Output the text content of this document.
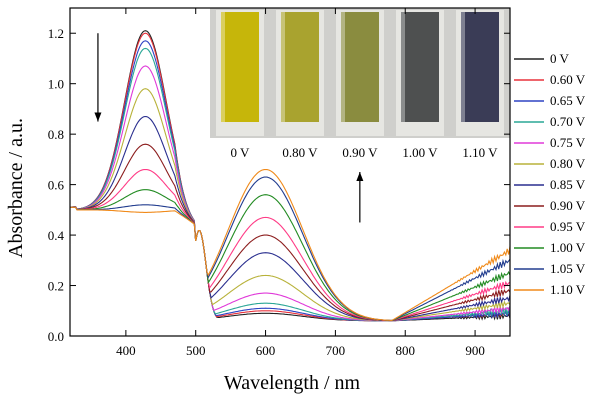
0 V	0.80 V 0.90 V 1.00 V 1.10 V
400	500	600	700	800	900
0.0
0.2
0.4
0.6
0.8
1.0
1.2
0 V
0.60 V
0.65 V
0.70 V
0.75 V
0.80 V
0.85 V
0.90 V
0.95 V
1.00 V
1.05 V
1.10 V
Wavelength / nm
Absorbance / a.u.
